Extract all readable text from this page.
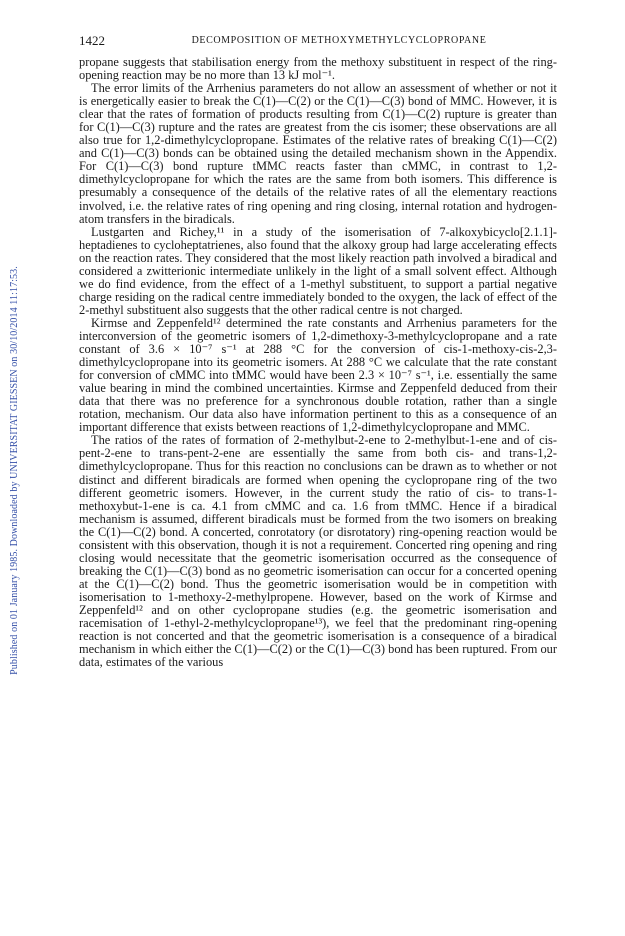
Published on 01 January 1985. Downloaded by UNIVERSITAT GIESSEN on 30/10/2014 11:17:53.
1422	DECOMPOSITION OF METHOXYMETHYLCYCLOPROPANE

propane suggests that stabilisation energy from the methoxy substituent in respect of the ring-opening reaction may be no more than 13 kJ mol⁻¹.

The error limits of the Arrhenius parameters do not allow an assessment of whether or not it is energetically easier to break the C(1)—C(2) or the C(1)—C(3) bond of MMC. However, it is clear that the rates of formation of products resulting from C(1)—C(2) rupture is greater than for C(1)—C(3) rupture and the rates are greatest from the cis isomer; these observations are all also true for 1,2-dimethylcyclopropane. Estimates of the relative rates of breaking C(1)—C(2) and C(1)—C(3) bonds can be obtained using the detailed mechanism shown in the Appendix. For C(1)—C(3) bond rupture tMMC reacts faster than cMMC, in contrast to 1,2-dimethylcyclopropane for which the rates are the same from both isomers. This difference is presumably a consequence of the details of the relative rates of all the elementary reactions involved, i.e. the relative rates of ring opening and ring closing, internal rotation and hydrogen-atom transfers in the biradicals.

Lustgarten and Richey,¹¹ in a study of the isomerisation of 7-alkoxybicyclo[2.1.1]-heptadienes to cycloheptatrienes, also found that the alkoxy group had large accelerating effects on the reaction rates. They considered that the most likely reaction path involved a biradical and considered a zwitterionic intermediate unlikely in the light of a small solvent effect. Although we do find evidence, from the effect of a 1-methyl substituent, to support a partial negative charge residing on the radical centre immediately bonded to the oxygen, the lack of effect of the 2-methyl substituent also suggests that the other radical centre is not charged.

Kirmse and Zeppenfeld¹² determined the rate constants and Arrhenius parameters for the interconversion of the geometric isomers of 1,2-dimethoxy-3-methylcyclopropane and a rate constant of 3.6 × 10⁻⁷ s⁻¹ at 288 °C for the conversion of cis-1-methoxy-cis-2,3-dimethylcyclopropane into its geometric isomers. At 288 °C we calculate that the rate constant for conversion of cMMC into tMMC would have been 2.3 × 10⁻⁷ s⁻¹, i.e. essentially the same value bearing in mind the combined uncertainties. Kirmse and Zeppenfeld deduced from their data that there was no preference for a synchronous double rotation, rather than a single rotation, mechanism. Our data also have information pertinent to this as a consequence of an important difference that exists between reactions of 1,2-dimethylcyclopropane and MMC.

The ratios of the rates of formation of 2-methylbut-2-ene to 2-methylbut-1-ene and of cis-pent-2-ene to trans-pent-2-ene are essentially the same from both cis- and trans-1,2-dimethylcyclopropane. Thus for this reaction no conclusions can be drawn as to whether or not distinct and different biradicals are formed when opening the cyclopropane ring of the two different geometric isomers. However, in the current study the ratio of cis- to trans-1-methoxybut-1-ene is ca. 4.1 from cMMC and ca. 1.6 from tMMC. Hence if a biradical mechanism is assumed, different biradicals must be formed from the two isomers on breaking the C(1)—C(2) bond. A concerted, conrotatory (or disrotatory) ring-opening reaction would be consistent with this observation, though it is not a requirement. Concerted ring opening and ring closing would necessitate that the geometric isomerisation occurred as the consequence of breaking the C(1)—C(3) bond as no geometric isomerisation can occur for a concerted opening at the C(1)—C(2) bond. Thus the geometric isomerisation would be in competition with isomerisation to 1-methoxy-2-methylpropene. However, based on the work of Kirmse and Zeppenfeld¹² and on other cyclopropane studies (e.g. the geometric isomerisation and racemisation of 1-ethyl-2-methylcyclopropane¹³), we feel that the predominant ring-opening reaction is not concerted and that the geometric isomerisation is a consequence of a biradical mechanism in which either the C(1)—C(2) or the C(1)—C(3) bond has been ruptured. From our data, estimates of the various
